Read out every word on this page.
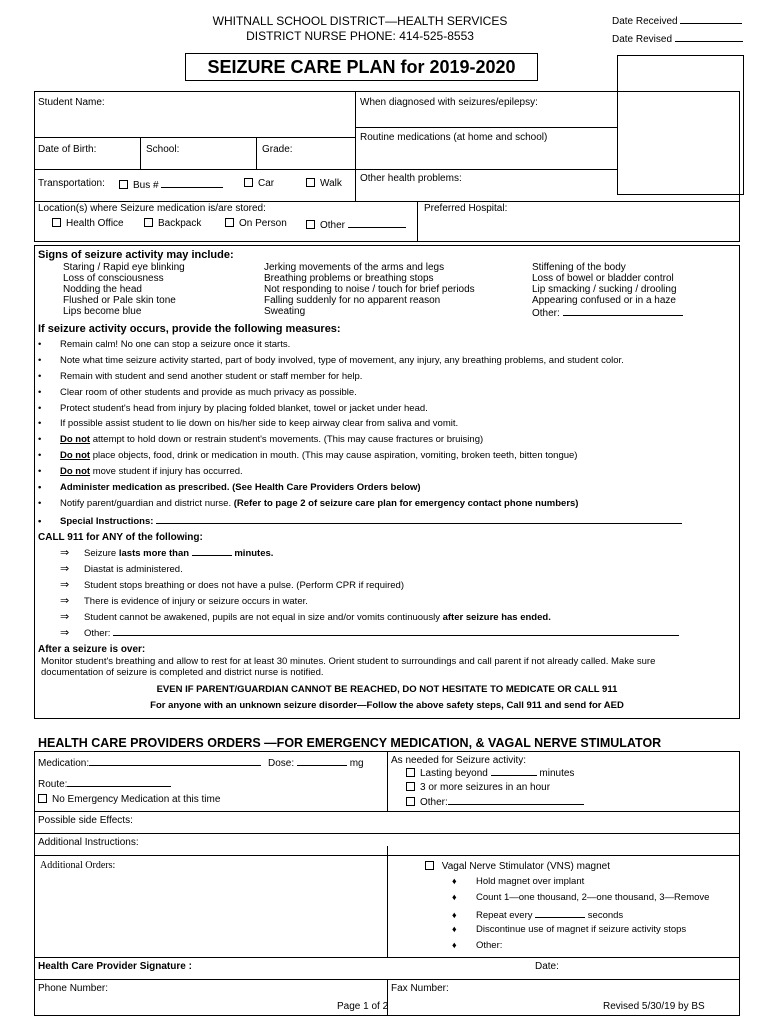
WHITNALL SCHOOL DISTRICT—HEALTH SERVICES
DISTRICT NURSE PHONE: 414-525-8553
Date Received
Date Revised
SEIZURE CARE PLAN for 2019-2020
Student Name:	When diagnosed with seizures/epilepsy:
Routine medications (at home and school)
Date of Birth:	School:	Grade:
Other health problems:
Transportation:	Bus #	Car	Walk
Location(s) where Seizure medication is/are stored:
Health Office	Backpack	On Person	Other
Preferred Hospital:
Signs of seizure activity may include:
Staring / Rapid eye blinking
Loss of consciousness
Nodding the head
Flushed or Pale skin tone
Lips become blue
Jerking movements of the arms and legs
Breathing problems or breathing stops
Not responding to noise / touch for brief periods
Falling suddenly for no apparent reason
Sweating
Stiffening of the body
Loss of bowel or bladder control
Lip smacking / sucking / drooling
Appearing confused or in a haze
Other:
If seizure activity occurs, provide the following measures:
• Remain calm! No one can stop a seizure once it starts.
• Note what time seizure activity started, part of body involved, type of movement, any injury, any breathing problems, and student color.
• Remain with student and send another student or staff member for help.
• Clear room of other students and provide as much privacy as possible.
• Protect student's head from injury by placing folded blanket, towel or jacket under head.
• If possible assist student to lie down on his/her side to keep airway clear from saliva and vomit.
• Do not attempt to hold down or restrain student's movements. (This may cause fractures or bruising)
• Do not place objects, food, drink or medication in mouth. (This may cause aspiration, vomiting, broken teeth, bitten tongue)
• Do not move student if injury has occurred.
• Administer medication as prescribed. (See Health Care Providers Orders below)
• Notify parent/guardian and district nurse. (Refer to page 2 of seizure care plan for emergency contact phone numbers)
• Special Instructions:
CALL 911 for ANY of the following:
⇒ Seizure lasts more than	minutes.
⇒ Diastat is administered.
⇒ Student stops breathing or does not have a pulse. (Perform CPR if required)
⇒ There is evidence of injury or seizure occurs in water.
⇒ Student cannot be awakened, pupils are not equal in size and/or vomits continuously after seizure has ended.
⇒ Other:
After a seizure is over:
Monitor student's breathing and allow to rest for at least 30 minutes. Orient student to surroundings and call parent if not already called. Make sure
documentation of seizure is completed and district nurse is notified.
EVEN IF PARENT/GUARDIAN CANNOT BE REACHED, DO NOT HESITATE TO MEDICATE OR CALL 911
For anyone with an unknown seizure disorder—Follow the above safety steps, Call 911 and send for AED
HEALTH CARE PROVIDERS ORDERS —FOR EMERGENCY MEDICATION, & VAGAL NERVE STIMULATOR
Medication:	Dose:	mg	As needed for Seizure activity:
Lasting beyond	minutes
Route:	3 or more seizures in an hour
No Emergency Medication at this time	Other:
Possible side Effects:
Additional Instructions:
Additional Orders:	Vagal Nerve Stimulator (VNS) magnet
♦ Hold magnet over implant
♦ Count 1—one thousand, 2—one thousand, 3—Remove
♦ Repeat every	seconds
♦ Discontinue use of magnet if seizure activity stops
♦ Other:
Health Care Provider Signature :	Date:
Phone Number:	Fax Number:
Page 1 of 2	Revised 5/30/19 by BS
